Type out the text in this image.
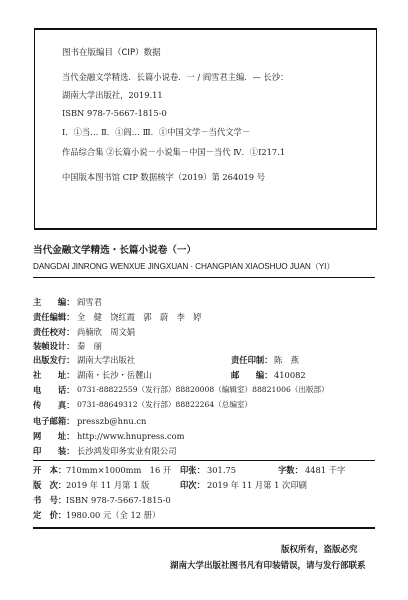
图书在版编目（CIP）数据
当代金融文学精选．长篇小说卷．一 / 阎雪君主编．— 长沙：
湖南大学出版社，2019.11
ISBN 978-7-5667-1815-0
Ⅰ．①当… Ⅱ．①阎… Ⅲ．①中国文学－当代文学－
作品综合集 ②长篇小说－小说集－中国－当代 Ⅳ．①I217.1
中国版本图书馆 CIP 数据核字（2019）第 264019 号
当代金融文学精选・长篇小说卷（一）
DANGDAI JINRONG WENXUE JINGXUAN · CHANGPIAN XIAOSHUO JUAN（YI）
主　　编： 阎雪君
责任编辑： 全　健　饶红霞　郭　蔚　李　婷
责任校对： 尚楠欣　周文娟
装帧设计： 秦　丽
出版发行： 湖南大学出版社	责任印制： 陈　燕
社　　址： 湖南・长沙・岳麓山	邮　　编： 410082
电　　话： 0731-88822559（发行部）88820008（编辑室）88821006（出版部）
传　　真： 0731-88649312（发行部）88822264（总编室）
电子邮箱： presszb@hnu.cn
网　　址： http://www.hnupress.com
印　　装： 长沙鸿发印务实业有限公司
开　本： 710mm×1000mm　16 开 印张： 301.75	字数： 4481 千字
版　次： 2019 年 11 月第 1 版	印次： 2019 年 11 月第 1 次印刷
书　号： ISBN 978-7-5667-1815-0
定　价： 1980.00 元（全 12 册）
版权所有，盗版必究
湖南大学出版社图书凡有印装错误，请与发行部联系
